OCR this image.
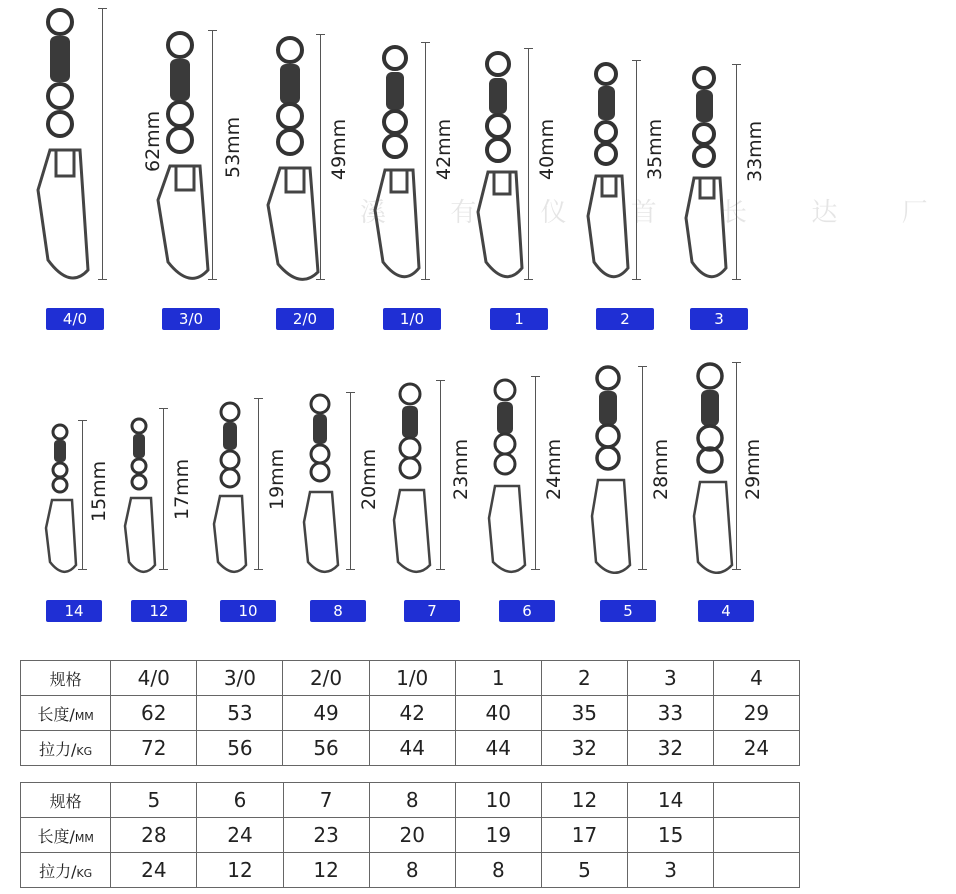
溪 有 仪 首 长 达 厂
62mm
4/0
53mm
3/0
49mm
2/0
42mm
1/0
40mm
1
35mm
2
33mm
3
15mm
14
17mm
12
19mm
10
20mm
8
23mm
7
24mm
6
28mm
5
29mm
4
规格	4/0	3/0	2/0	1/0	1	2	3	4
长度/MM	62	53	49	42	40	35	33	29
拉力/KG	72	56	56	44	44	32	32	24
规格	5	6	7	8	10	12	14	
长度/MM	28	24	23	20	19	17	15	
拉力/KG	24	12	12	8	8	5	3	
